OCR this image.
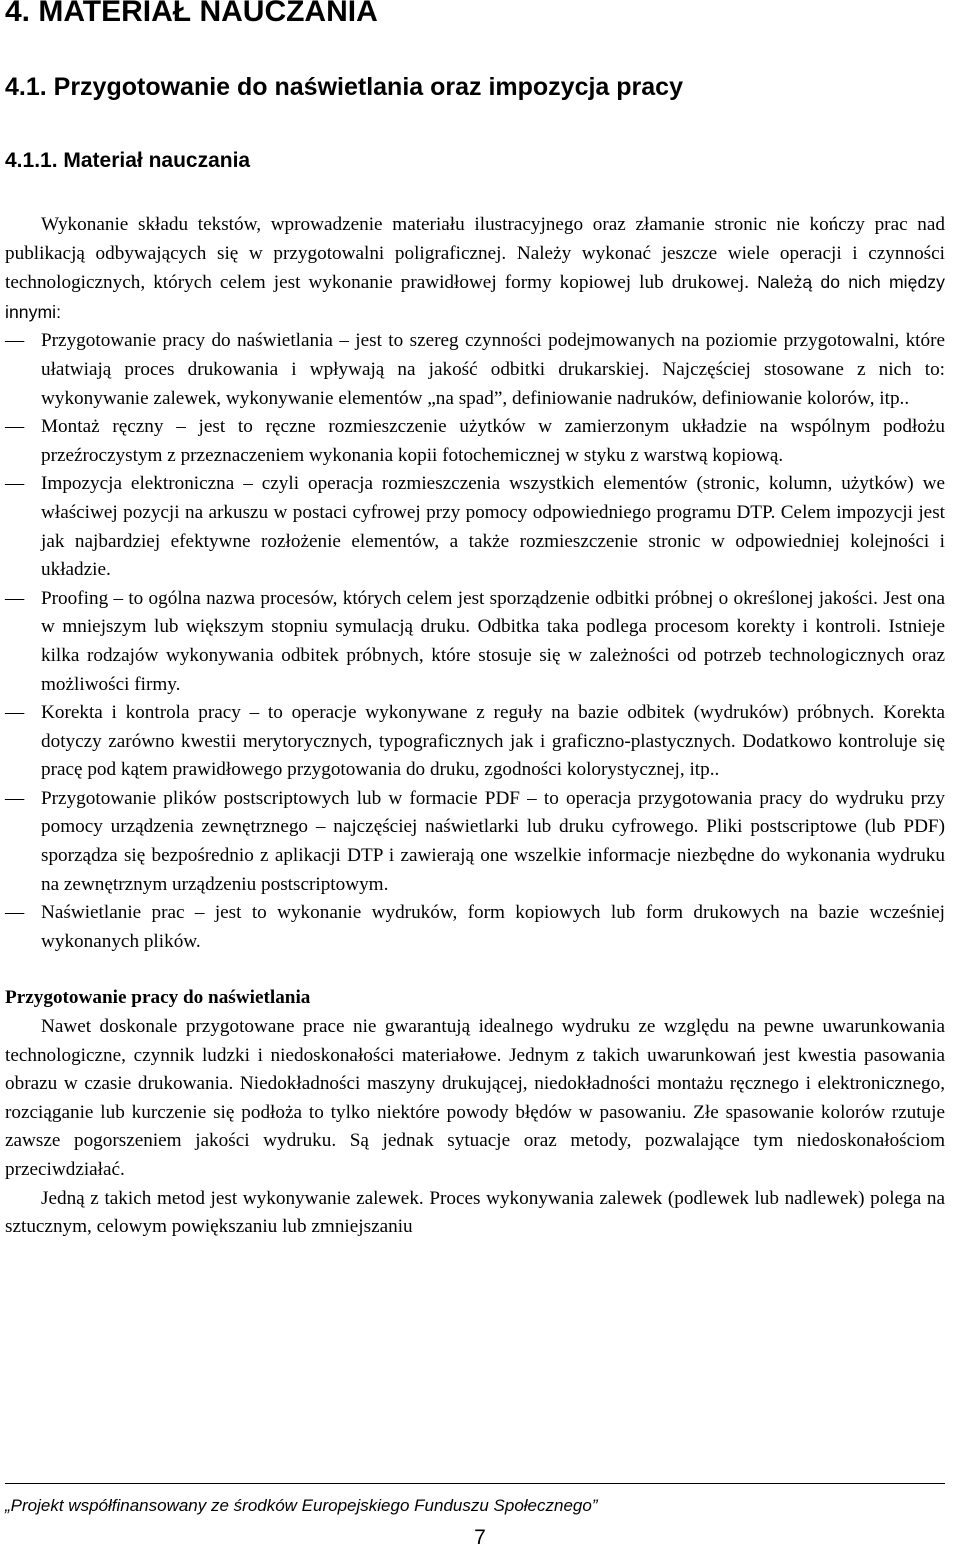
4. MATERIAŁ NAUCZANIA
4.1. Przygotowanie do naświetlania oraz impozycja pracy
4.1.1. Materiał nauczania

Wykonanie składu tekstów, wprowadzenie materiału ilustracyjnego oraz złamanie stronic nie kończy prac nad publikacją odbywających się w przygotowalni poligraficznej. Należy wykonać jeszcze wiele operacji i czynności technologicznych, których celem jest wykonanie prawidłowej formy kopiowej lub drukowej. Należą do nich między innymi:

— Przygotowanie pracy do naświetlania – jest to szereg czynności podejmowanych na poziomie przygotowalni, które ułatwiają proces drukowania i wpływają na jakość odbitki drukarskiej. Najczęściej stosowane z nich to: wykonywanie zalewek, wykonywanie elementów „na spad”, definiowanie nadruków, definiowanie kolorów, itp..
— Montaż ręczny – jest to ręczne rozmieszczenie użytków w zamierzonym układzie na wspólnym podłożu przeźroczystym z przeznaczeniem wykonania kopii fotochemicznej w styku z warstwą kopiową.
— Impozycja elektroniczna – czyli operacja rozmieszczenia wszystkich elementów (stronic, kolumn, użytków) we właściwej pozycji na arkuszu w postaci cyfrowej przy pomocy odpowiedniego programu DTP. Celem impozycji jest jak najbardziej efektywne rozłożenie elementów, a także rozmieszczenie stronic w odpowiedniej kolejności i układzie.
— Proofing – to ogólna nazwa procesów, których celem jest sporządzenie odbitki próbnej o określonej jakości. Jest ona w mniejszym lub większym stopniu symulacją druku. Odbitka taka podlega procesom korekty i kontroli. Istnieje kilka rodzajów wykonywania odbitek próbnych, które stosuje się w zależności od potrzeb technologicznych oraz możliwości firmy.
— Korekta i kontrola pracy – to operacje wykonywane z reguły na bazie odbitek (wydruków) próbnych. Korekta dotyczy zarówno kwestii merytorycznych, typograficznych jak i graficzno-plastycznych. Dodatkowo kontroluje się pracę pod kątem prawidłowego przygotowania do druku, zgodności kolorystycznej, itp..
— Przygotowanie plików postscriptowych lub w formacie PDF – to operacja przygotowania pracy do wydruku przy pomocy urządzenia zewnętrznego – najczęściej naświetlarki lub druku cyfrowego. Pliki postscriptowe (lub PDF) sporządza się bezpośrednio z aplikacji DTP i zawierają one wszelkie informacje niezbędne do wykonania wydruku na zewnętrznym urządzeniu postscriptowym.
— Naświetlanie prac – jest to wykonanie wydruków, form kopiowych lub form drukowych na bazie wcześniej wykonanych plików.
Przygotowanie pracy do naświetlania

Nawet doskonale przygotowane prace nie gwarantują idealnego wydruku ze względu na pewne uwarunkowania technologiczne, czynnik ludzki i niedoskonałości materiałowe. Jednym z takich uwarunkowań jest kwestia pasowania obrazu w czasie drukowania. Niedokładności maszyny drukującej, niedokładności montażu ręcznego i elektronicznego, rozciąganie lub kurczenie się podłoża to tylko niektóre powody błędów w pasowaniu. Złe spasowanie kolorów rzutuje zawsze pogorszeniem jakości wydruku. Są jednak sytuacje oraz metody, pozwalające tym niedoskonałościom przeciwdziałać.

Jedną z takich metod jest wykonywanie zalewek. Proces wykonywania zalewek (podlewek lub nadlewek) polega na sztucznym, celowym powiększaniu lub zmniejszaniu

„Projekt współfinansowany ze środków Europejskiego Funduszu Społecznego”
7
